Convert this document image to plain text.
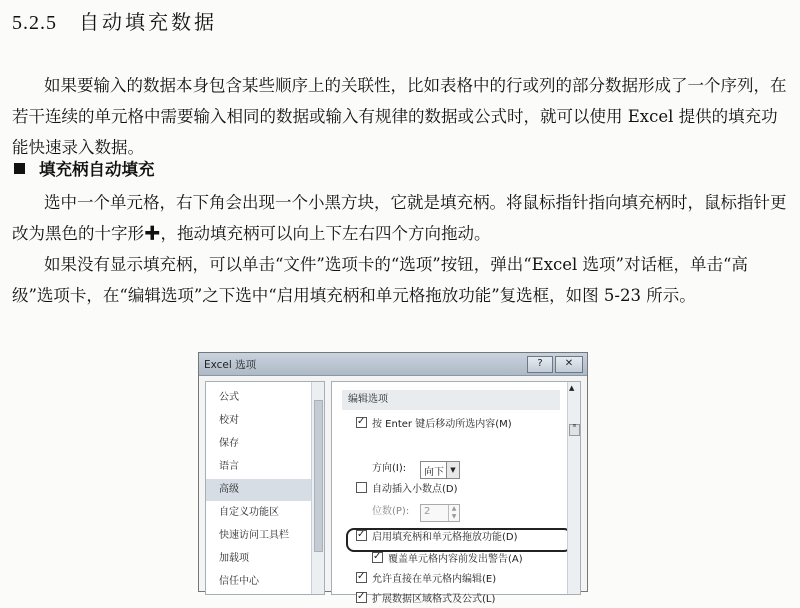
5.2.5 自动填充数据

如果要输入的数据本身包含某些顺序上的关联性，比如表格中的行或列的部分数据形成了一个序列，在若干连续的单元格中需要输入相同的数据或输入有规律的数据或公式时，就可以使用 Excel 提供的填充功能快速录入数据。

填充柄自动填充

选中一个单元格，右下角会出现一个小黑方块，它就是填充柄。将鼠标指针指向填充柄时，鼠标指针更改为黑色的十字形✚，拖动填充柄可以向上下左右四个方向拖动。

如果没有显示填充柄，可以单击“文件”选项卡的“选项”按钮，弹出“Excel 选项”对话框，单击“高级”选项卡，在“编辑选项”之下选中“启用填充柄和单元格拖放功能”复选框，如图 5-23 所示。

Excel 选项	?	✕
公式
校对
保存
语言
高级
自定义功能区
快速访问工具栏
加载项
信任中心
编辑选项
✓按 Enter 键后移动所选内容(M)
方向(I): 向下 ▼
自动插入小数点(D)
位数(P): 2	▲
▼
✓启用填充柄和单元格拖放功能(D)
✓覆盖单元格内容前发出警告(A)
✓允许直接在单元格内编辑(E)
✓扩展数据区域格式及公式(L)
▲
≡
